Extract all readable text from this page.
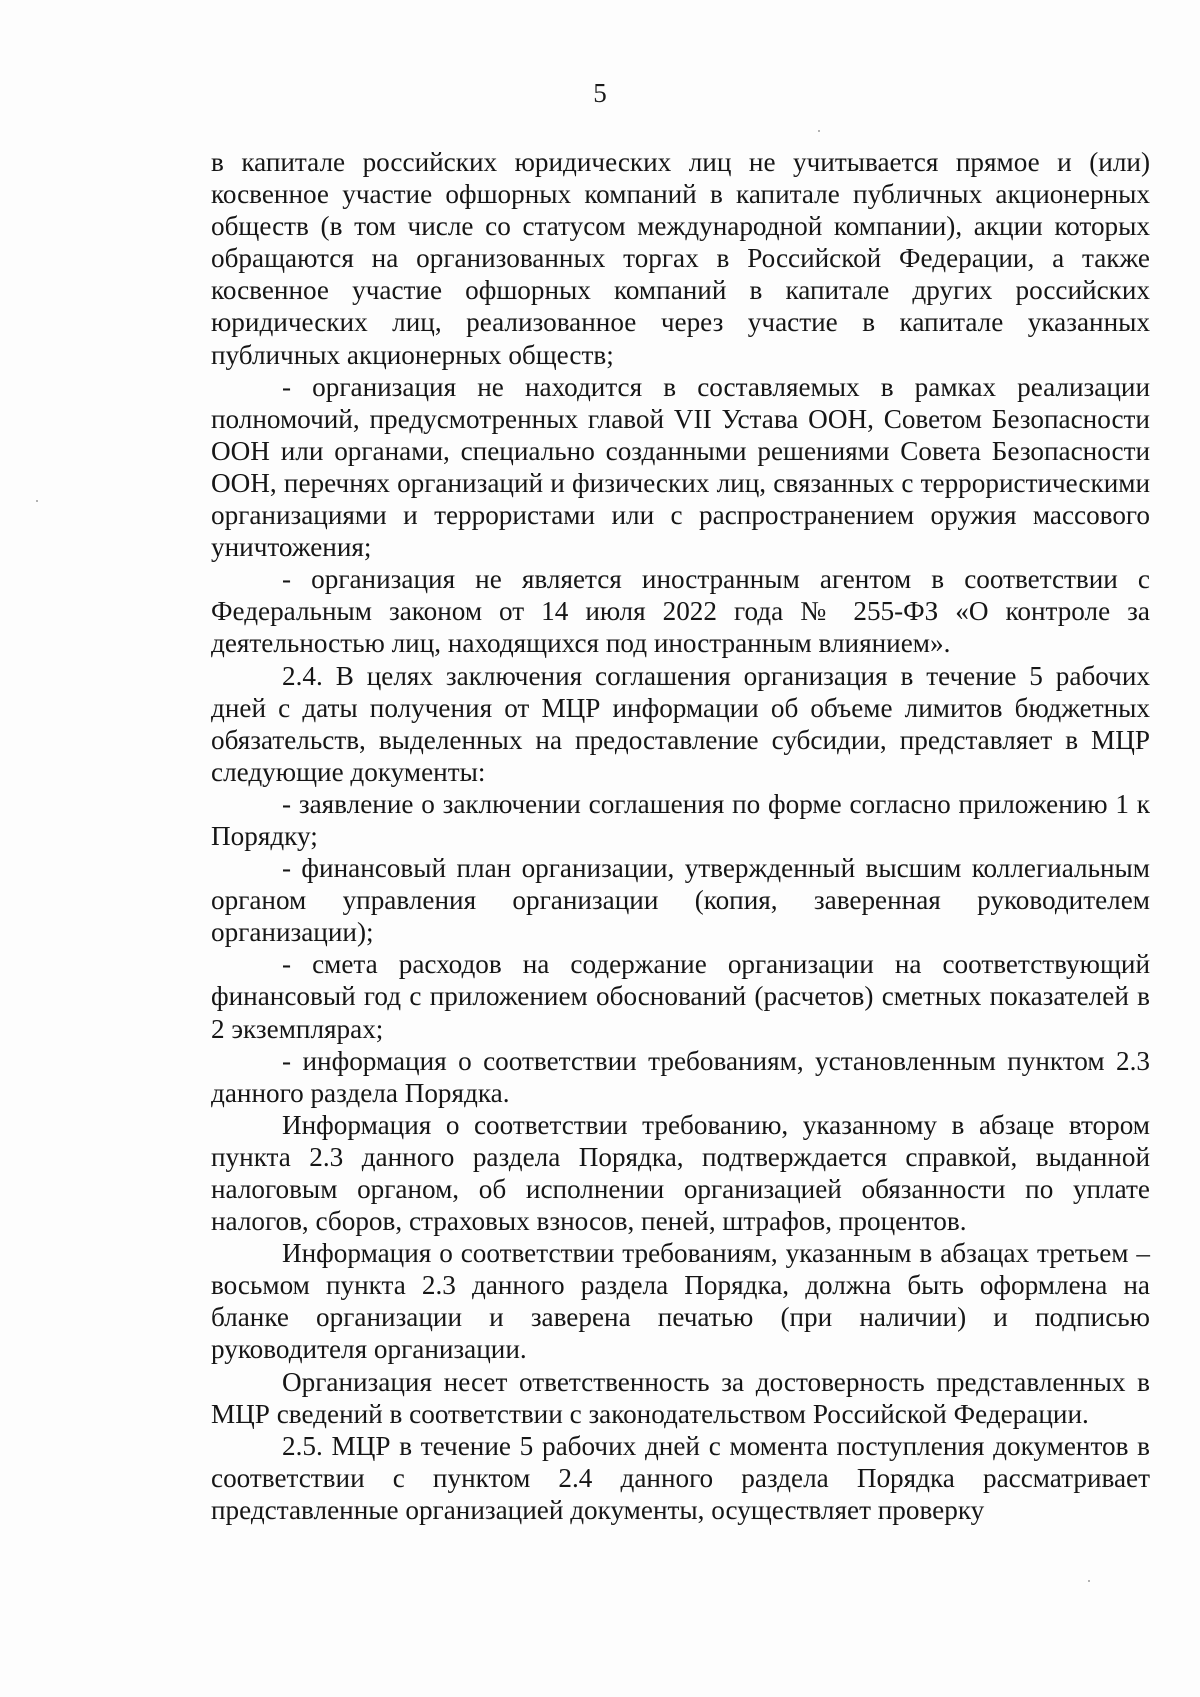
5

в капитале российских юридических лиц не учитывается прямое и (или) косвенное участие офшорных компаний в капитале публичных акционерных обществ (в том числе со статусом международной компании), акции которых обращаются на организованных торгах в Российской Федерации, а также косвенное участие офшорных компаний в капитале других российских юридических лиц, реализованное через участие в капитале указанных публичных акционерных обществ;

- организация не находится в составляемых в рамках реализации полномочий, предусмотренных главой VII Устава ООН, Советом Безопасности ООН или органами, специально созданными решениями Совета Безопасности ООН, перечнях организаций и физических лиц, связанных с террористическими организациями и террористами или с распространением оружия массового уничтожения;

- организация не является иностранным агентом в соответствии с Федеральным законом от 14 июля 2022 года № 255-ФЗ «О контроле за деятельностью лиц, находящихся под иностранным влиянием».

2.4. В целях заключения соглашения организация в течение 5 рабочих дней с даты получения от МЦР информации об объеме лимитов бюджетных обязательств, выделенных на предоставление субсидии, представляет в МЦР следующие документы:

- заявление о заключении соглашения по форме согласно приложению 1 к Порядку;

- финансовый план организации, утвержденный высшим коллегиальным органом управления организации (копия, заверенная руководителем организации);

- смета расходов на содержание организации на соответствующий финансовый год с приложением обоснований (расчетов) сметных показателей в 2 экземплярах;

- информация о соответствии требованиям, установленным пунктом 2.3 данного раздела Порядка.

Информация о соответствии требованию, указанному в абзаце втором пункта 2.3 данного раздела Порядка, подтверждается справкой, выданной налоговым органом, об исполнении организацией обязанности по уплате налогов, сборов, страховых взносов, пеней, штрафов, процентов.

Информация о соответствии требованиям, указанным в абзацах третьем – восьмом пункта 2.3 данного раздела Порядка, должна быть оформлена на бланке организации и заверена печатью (при наличии) и подписью руководителя организации.

Организация несет ответственность за достоверность представленных в МЦР сведений в соответствии с законодательством Российской Федерации.

2.5. МЦР в течение 5 рабочих дней с момента поступления документов в соответствии с пунктом 2.4 данного раздела Порядка рассматривает представленные организацией документы, осуществляет проверку
